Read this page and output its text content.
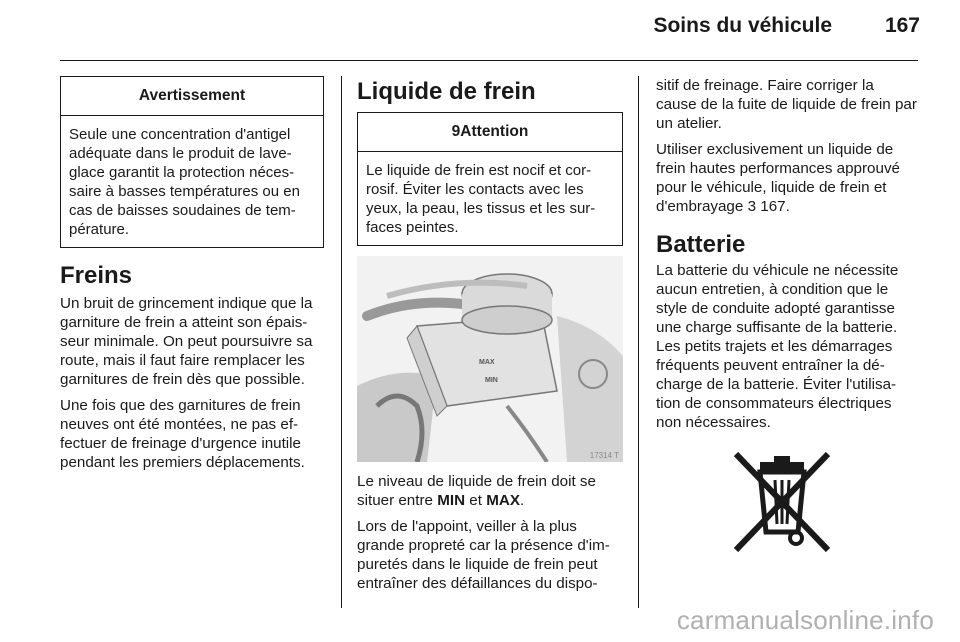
Soins du véhicule	167
Avertissement
Seule une concentration d'antigel adéquate dans le produit de lave-glace garantit la protection néces-saire à basses températures ou en cas de baisses soudaines de tem-pérature.
Freins

Un bruit de grincement indique que la garniture de frein a atteint son épais-seur minimale. On peut poursuivre sa route, mais il faut faire remplacer les garnitures de frein dès que possible.

Une fois que des garnitures de frein neuves ont été montées, ne pas ef-fectuer de freinage d'urgence inutile pendant les premiers déplacements.

Liquide de frein
9Attention
Le liquide de frein est nocif et cor-rosif. Éviter les contacts avec les yeux, la peau, les tissus et les sur-faces peintes.
MAX
MIN
17314 T

Le niveau de liquide de frein doit se situer entre MIN et MAX.

Lors de l'appoint, veiller à la plus grande propreté car la présence d'im-puretés dans le liquide de frein peut entraîner des défaillances du dispo-

sitif de freinage. Faire corriger la cause de la fuite de liquide de frein par un atelier.

Utiliser exclusivement un liquide de frein hautes performances approuvé pour le véhicule, liquide de frein et d'embrayage 3 167.

Batterie

La batterie du véhicule ne nécessite aucun entretien, à condition que le style de conduite adopté garantisse une charge suffisante de la batterie. Les petits trajets et les démarrages fréquents peuvent entraîner la dé-charge de la batterie. Éviter l'utilisa-tion de consommateurs électriques non nécessaires.

carmanualsonline.info
